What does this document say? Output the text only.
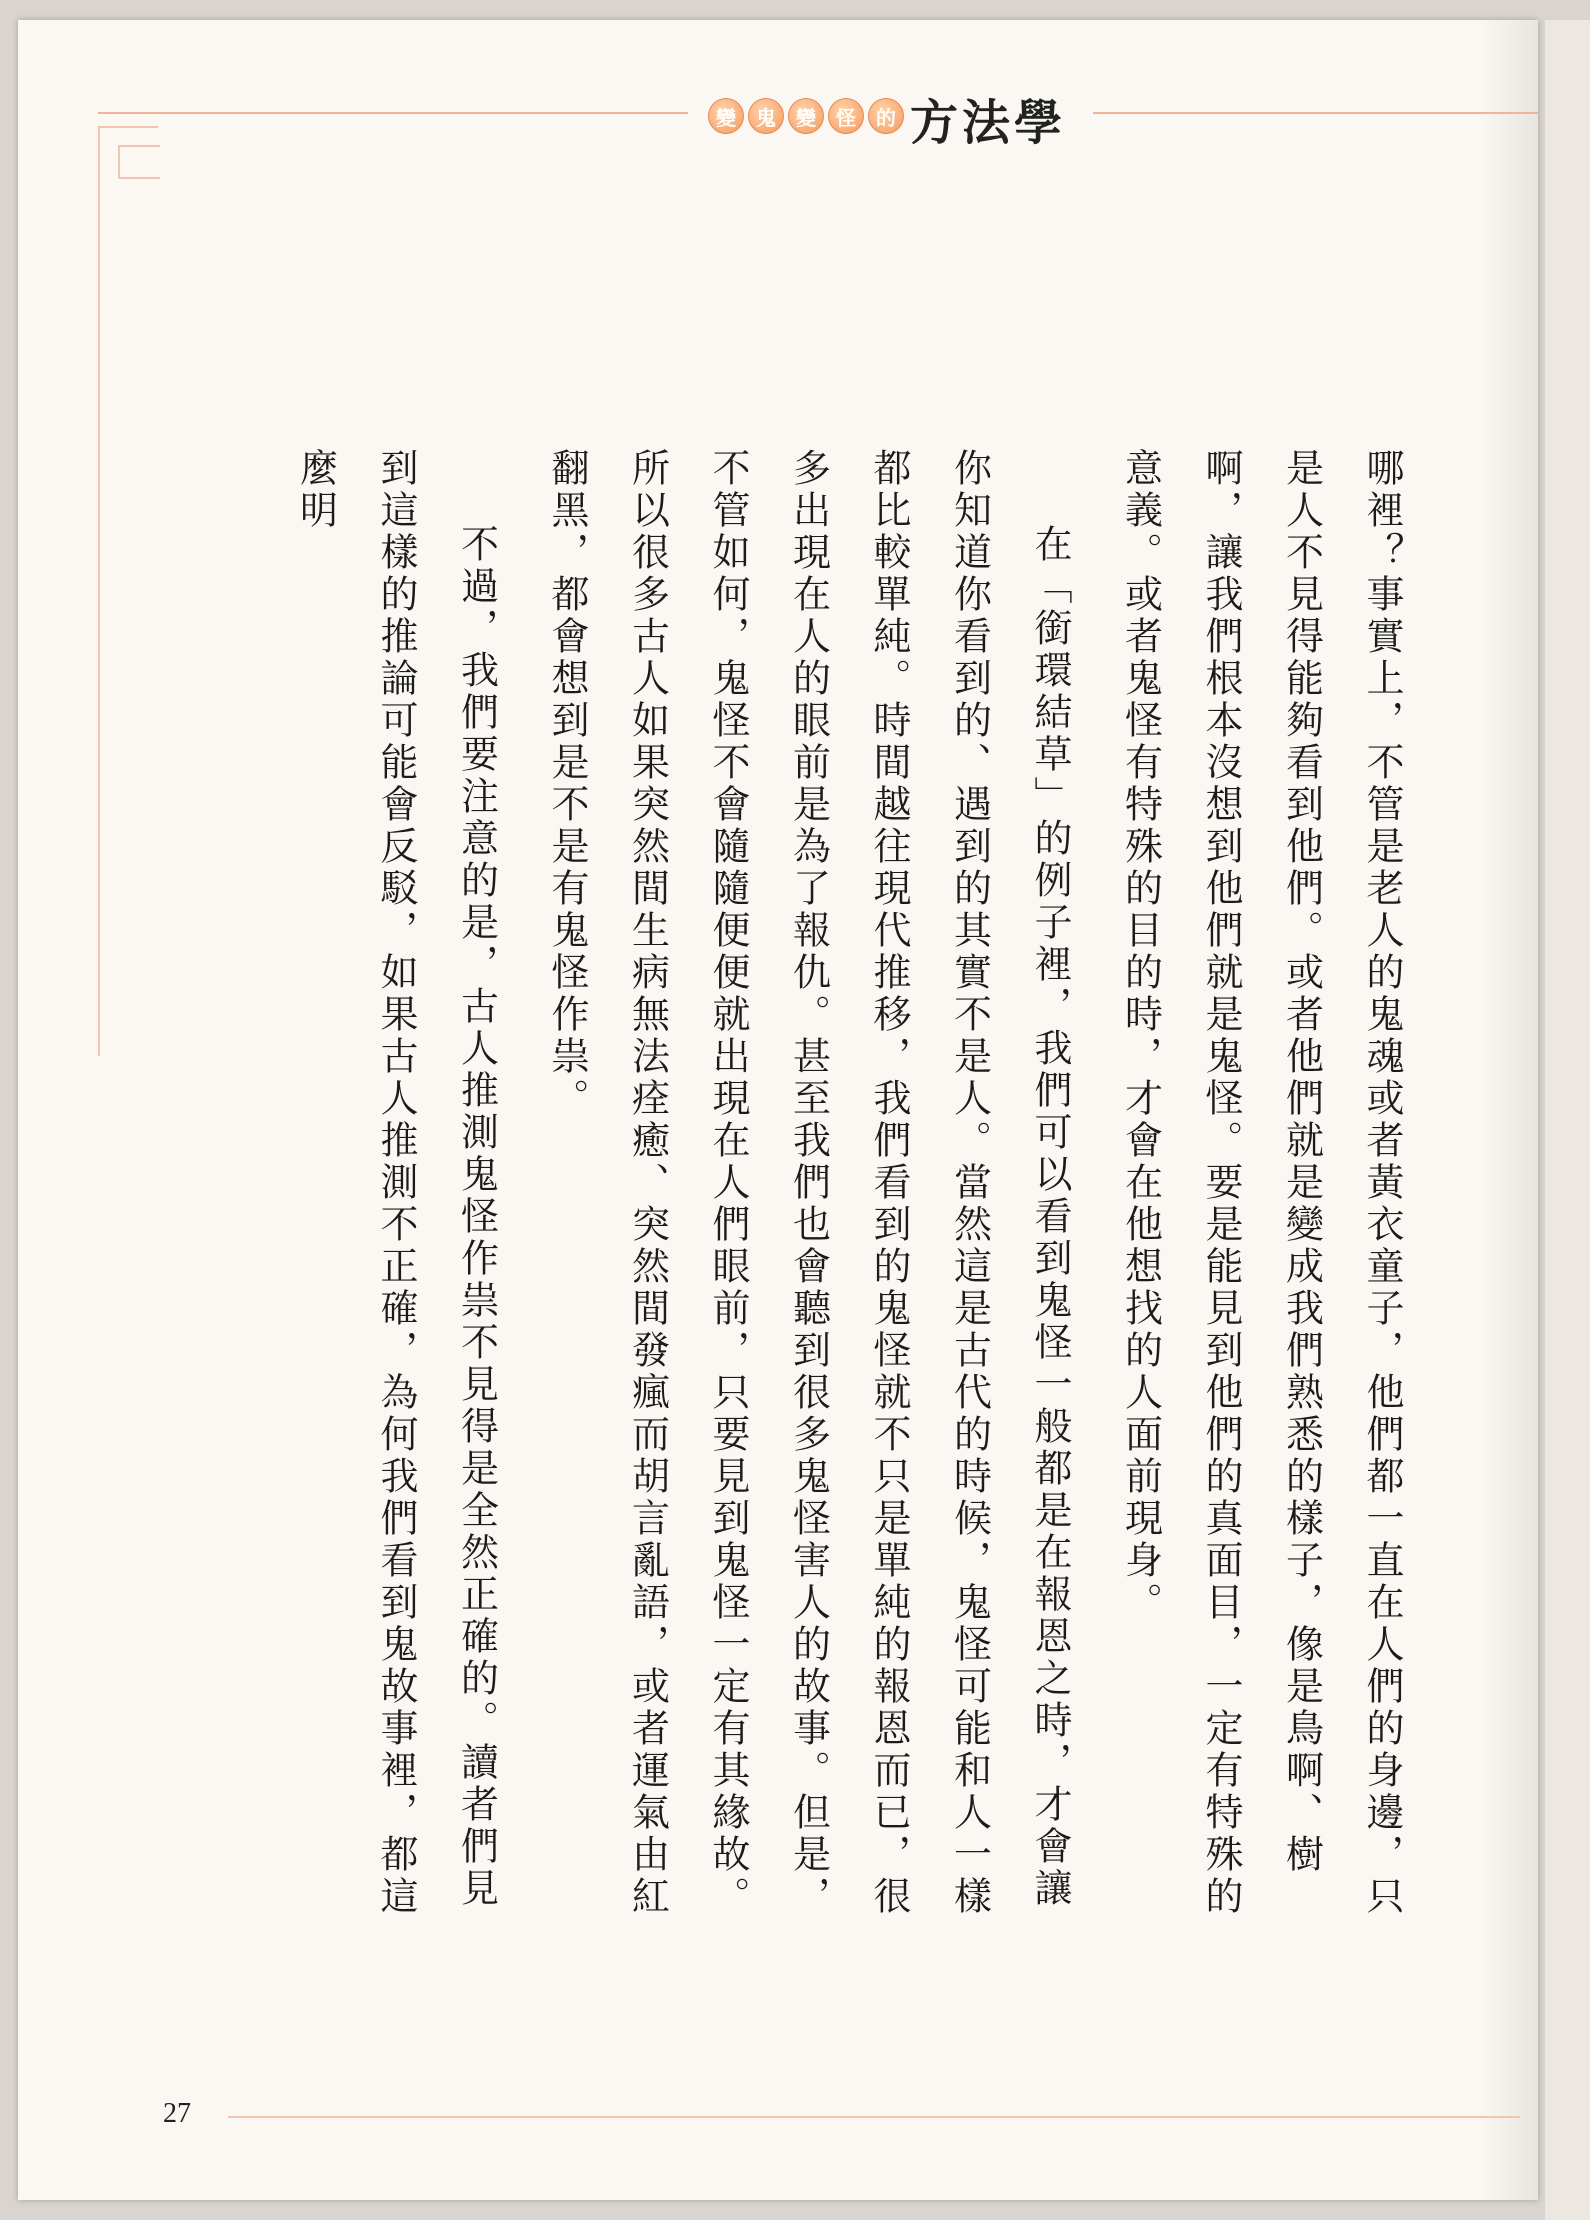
變	鬼	變	怪	的 方法學

哪裡？事實上，不管是老人的鬼魂或者黃衣童子，他們都一直在人們的身邊，只是人不見得能夠看到他們。或者他們就是變成我們熟悉的樣子，像是鳥啊、樹啊，讓我們根本沒想到他們就是鬼怪。要是能見到他們的真面目，一定有特殊的意義。或者鬼怪有特殊的目的時，才會在他想找的人面前現身。

在「銜環結草」的例子裡，我們可以看到鬼怪一般都是在報恩之時，才會讓你知道你看到的、遇到的其實不是人。當然這是古代的時候，鬼怪可能和人一樣都比較單純。時間越往現代推移，我們看到的鬼怪就不只是單純的報恩而已，很多出現在人的眼前是為了報仇。甚至我們也會聽到很多鬼怪害人的故事。但是，不管如何，鬼怪不會隨隨便便就出現在人們眼前，只要見到鬼怪一定有其緣故。所以很多古人如果突然間生病無法痊癒、突然間發瘋而胡言亂語，或者運氣由紅翻黑，都會想到是不是有鬼怪作祟。

不過，我們要注意的是，古人推測鬼怪作祟不見得是全然正確的。讀者們見到這樣的推論可能會反駁，如果古人推測不正確，為何我們看到鬼故事裡，都這麼明

27
